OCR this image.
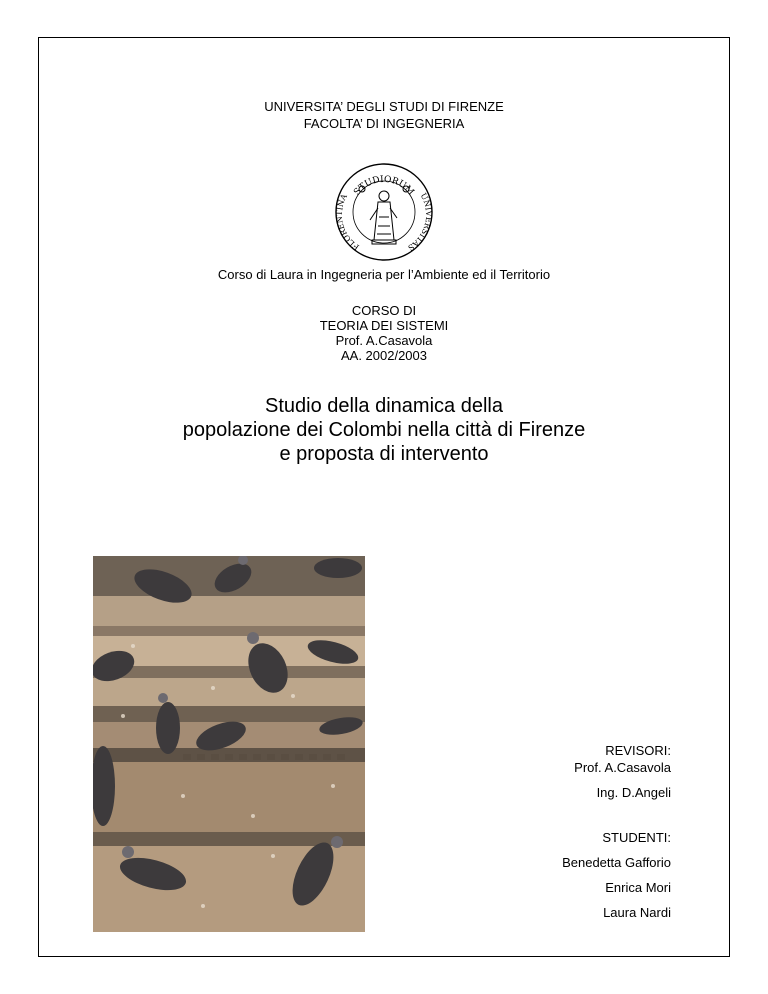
UNIVERSITA’ DEGLI STUDI DI FIRENZE
FACOLTA’ DI INGEGNERIA
STUDIORUM
FLORENTINA	UNIVERSITAS
Corso di Laura in Ingegneria per l’Ambiente ed il Territorio
CORSO DI
TEORIA DEI SISTEMI
Prof. A.Casavola
AA. 2002/2003
Studio della dinamica della
popolazione dei Colombi nella città di Firenze
e proposta di intervento
REVISORI:
Prof. A.Casavola
Ing. D.Angeli
STUDENTI:
Benedetta Gafforio
Enrica Mori
Laura Nardi
